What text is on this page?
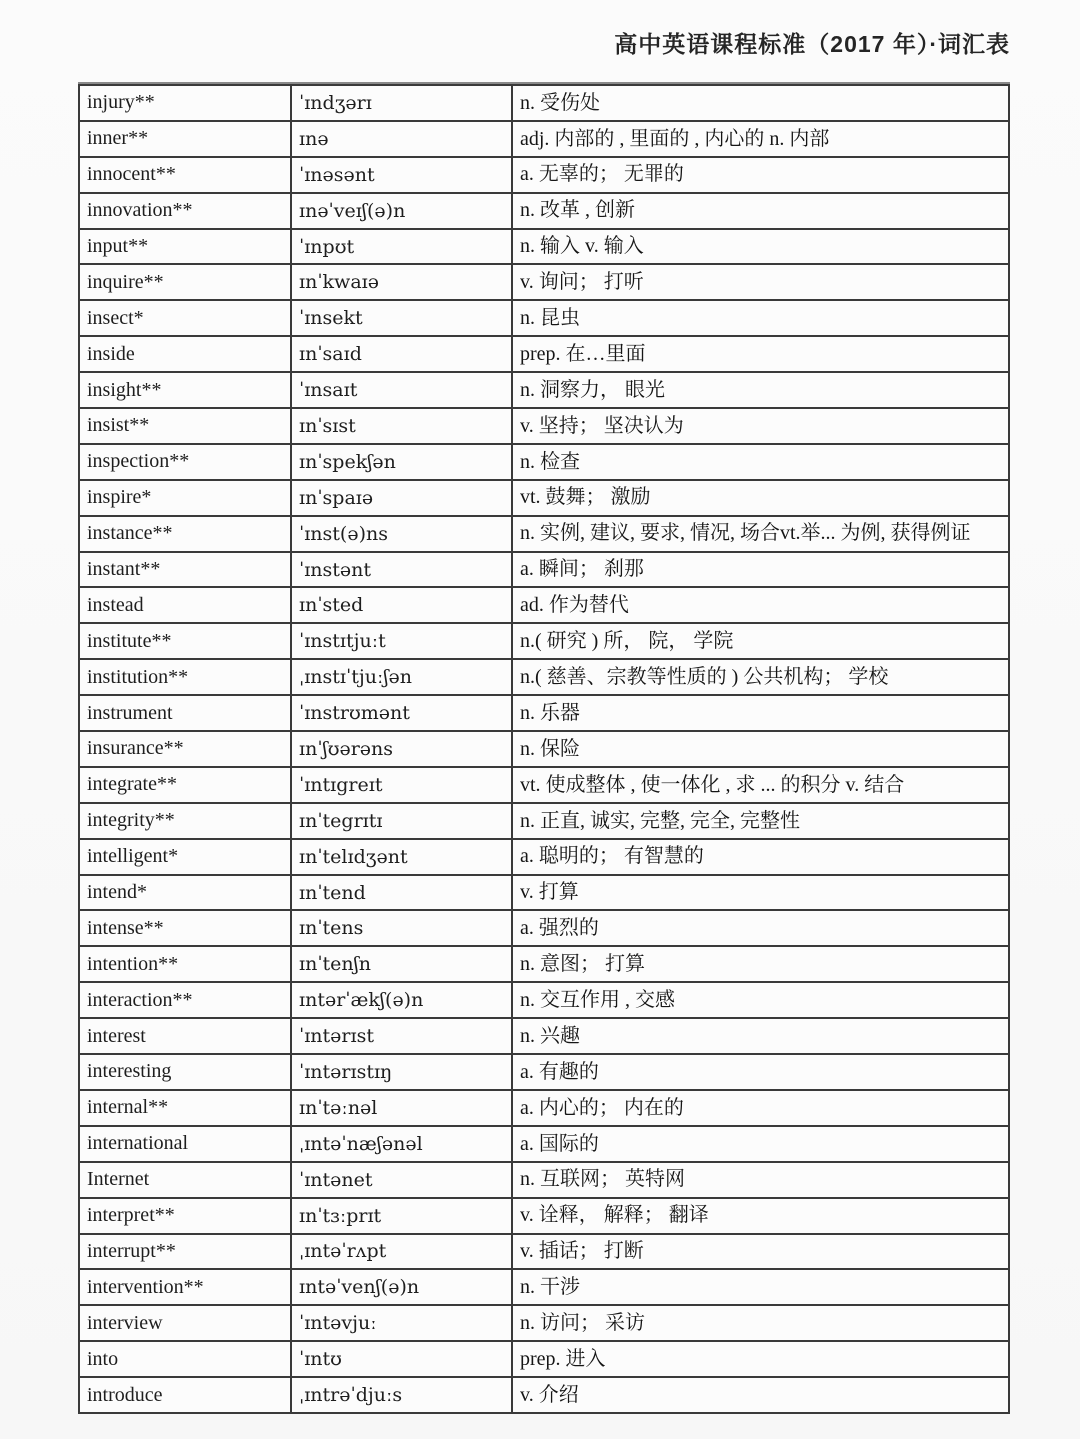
高中英语课程标准（2017 年）·词汇表
injury**	ˈɪndʒərɪ	n. 受伤处
inner**	ɪnə	adj. 内部的 , 里面的 , 内心的 n. 内部
innocent**	ˈɪnəsənt	a. 无辜的； 无罪的
innovation**	ɪnəˈveɪʃ(ə)n	n. 改革 , 创新
input**	ˈɪnpʊt	n. 输入 v. 输入
inquire**	ɪnˈkwaɪə	v. 询问； 打听
insect*	ˈɪnsekt	n. 昆虫
inside	ɪnˈsaɪd	prep. 在…里面
insight**	ˈɪnsaɪt	n. 洞察力， 眼光
insist**	ɪnˈsɪst	v. 坚持； 坚决认为
inspection**	ɪnˈspekʃən	n. 检查
inspire*	ɪnˈspaɪə	vt. 鼓舞； 激励
instance**	ˈɪnst(ə)ns	n. 实例, 建议, 要求, 情况, 场合vt.举... 为例, 获得例证
instant**	ˈɪnstənt	a. 瞬间； 刹那
instead	ɪnˈsted	ad. 作为替代
institute**	ˈɪnstɪtjuːt	n.( 研究 ) 所， 院， 学院
institution**	ˌɪnstɪˈtjuːʃən	n.( 慈善、宗教等性质的 ) 公共机构； 学校
instrument	ˈɪnstrʊmənt	n. 乐器
insurance**	ɪnˈʃʊərəns	n. 保险
integrate**	ˈɪntɪgreɪt	vt. 使成整体 , 使一体化 , 求 ... 的积分 v. 结合
integrity**	ɪnˈtegrɪtɪ	n. 正直, 诚实, 完整, 完全, 完整性
intelligent*	ɪnˈtelɪdʒənt	a. 聪明的； 有智慧的
intend*	ɪnˈtend	v. 打算
intense**	ɪnˈtens	a. 强烈的
intention**	ɪnˈtenʃn	n. 意图； 打算
interaction**	ɪntərˈækʃ(ə)n	n. 交互作用 , 交感
interest	ˈɪntərɪst	n. 兴趣
interesting	ˈɪntərɪstɪŋ	a. 有趣的
internal**	ɪnˈtəːnəl	a. 内心的； 内在的
international	ˌɪntəˈnæʃənəl	a. 国际的
Internet	ˈɪntənet	n. 互联网； 英特网
interpret**	ɪnˈtɜːprɪt	v. 诠释， 解释； 翻译
interrupt**	ˌɪntəˈrʌpt	v. 插话； 打断
intervention**	ɪntəˈvenʃ(ə)n	n. 干涉
interview	ˈɪntəvjuː	n. 访问； 采访
into	ˈɪntʊ	prep. 进入
introduce	ˌɪntrəˈdjuːs	v. 介绍
